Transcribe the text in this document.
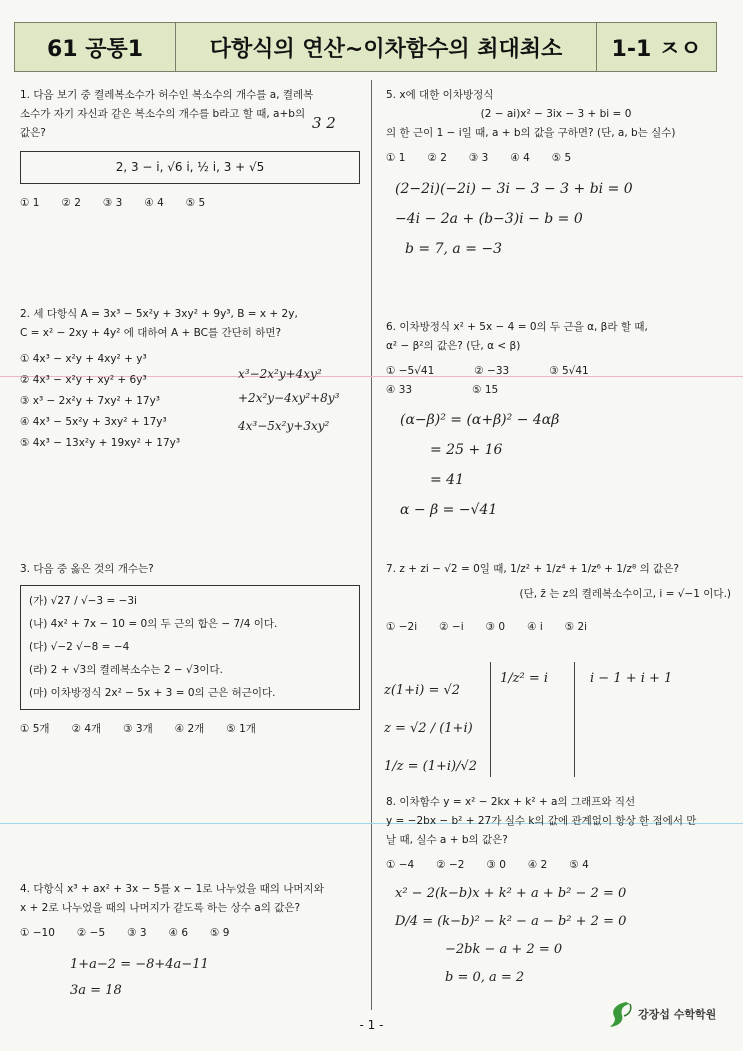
61 공통1	다항식의 연산~이차함수의 최대최소	1-1 ㅈㅇ

1. 다음 보기 중 켤레복소수가 허수인 복소수의 개수를 a, 켤레복

소수가 자기 자신과 같은 복소수의 개수를 b라고 할 때, a+b의

값은?

2, 3 − i, √6 i, ½ i, 3 + √5
① 1 ② 2 ③ 3 ④ 4 ⑤ 5
3 2

2. 세 다항식 A = 3x³ − 5x²y + 3xy² + 9y³, B = x + 2y,

C = x² − 2xy + 4y² 에 대하여 A + BC를 간단히 하면?

① 4x³ − x²y + 4xy² + y³
② 4x³ − x²y + xy² + 6y³
③ x³ − 2x²y + 7xy² + 17y³
④ 4x³ − 5x²y + 3xy² + 17y³
⑤ 4x³ − 13x²y + 19xy² + 17y³
x³−2x²y+4xy²
+2x²y−4xy²+8y³
4x³−5x²y+3xy²

3. 다음 중 옳은 것의 개수는?

(가) √27 / √−3 = −3i
(나) 4x² + 7x − 10 = 0의 두 근의 합은 − 7/4 이다.
(다) √−2 √−8 = −4
(라) 2 + √3의 켤레복소수는 2 − √3이다.
(마) 이차방정식 2x² − 5x + 3 = 0의 근은 허근이다.
① 5개 ② 4개 ③ 3개 ④ 2개 ⑤ 1개

4. 다항식 x³ + ax² + 3x − 5를 x − 1로 나누었을 때의 나머지와

x + 2로 나누었을 때의 나머지가 같도록 하는 상수 a의 값은?

① −10 ② −5 ③ 3 ④ 6 ⑤ 9
1+a−2 = −8+4a−11
3a = 18

5. x에 대한 이차방정식

(2 − ai)x² − 3ix − 3 + bi = 0

의 한 근이 1 − i일 때, a + b의 값을 구하면? (단, a, b는 실수)

① 1 ② 2 ③ 3 ④ 4 ⑤ 5
(2−2i)(−2i) − 3i − 3 − 3 + bi = 0
−4i − 2a + (b−3)i − b = 0
b = 7, a = −3

6. 이차방정식 x² + 5x − 4 = 0의 두 근을 α, β라 할 때,

α² − β²의 값은? (단, α < β)

① −5√41	② −33	③ 5√41
④ 33	⑤ 15
(α−β)² = (α+β)² − 4αβ
= 25 + 16
= 41
α − β = −√41

7. z + zi − √2 = 0일 때, 1/z² + 1/z⁴ + 1/z⁶ + 1/z⁸ 의 값은?

(단, z̄ 는 z의 켤레복소수이고, i = √−1 이다.)

① −2i ② −i ③ 0 ④ i ⑤ 2i
z(1+i) = √2
z = √2 / (1+i)
1/z = (1+i)/√2
1/z² = i	i − 1 + i + 1

8. 이차함수 y = x² − 2kx + k² + a의 그래프와 직선

y = −2bx − b² + 27가 실수 k의 값에 관계없이 항상 한 점에서 만

날 때, 실수 a + b의 값은?

① −4 ② −2 ③ 0 ④ 2 ⑤ 4
x² − 2(k−b)x + k² + a + b² − 2 = 0
D/4 = (k−b)² − k² − a − b² + 2 = 0
−2bk − a + 2 = 0
b = 0, a = 2
- 1 -
강장섭 수학학원
